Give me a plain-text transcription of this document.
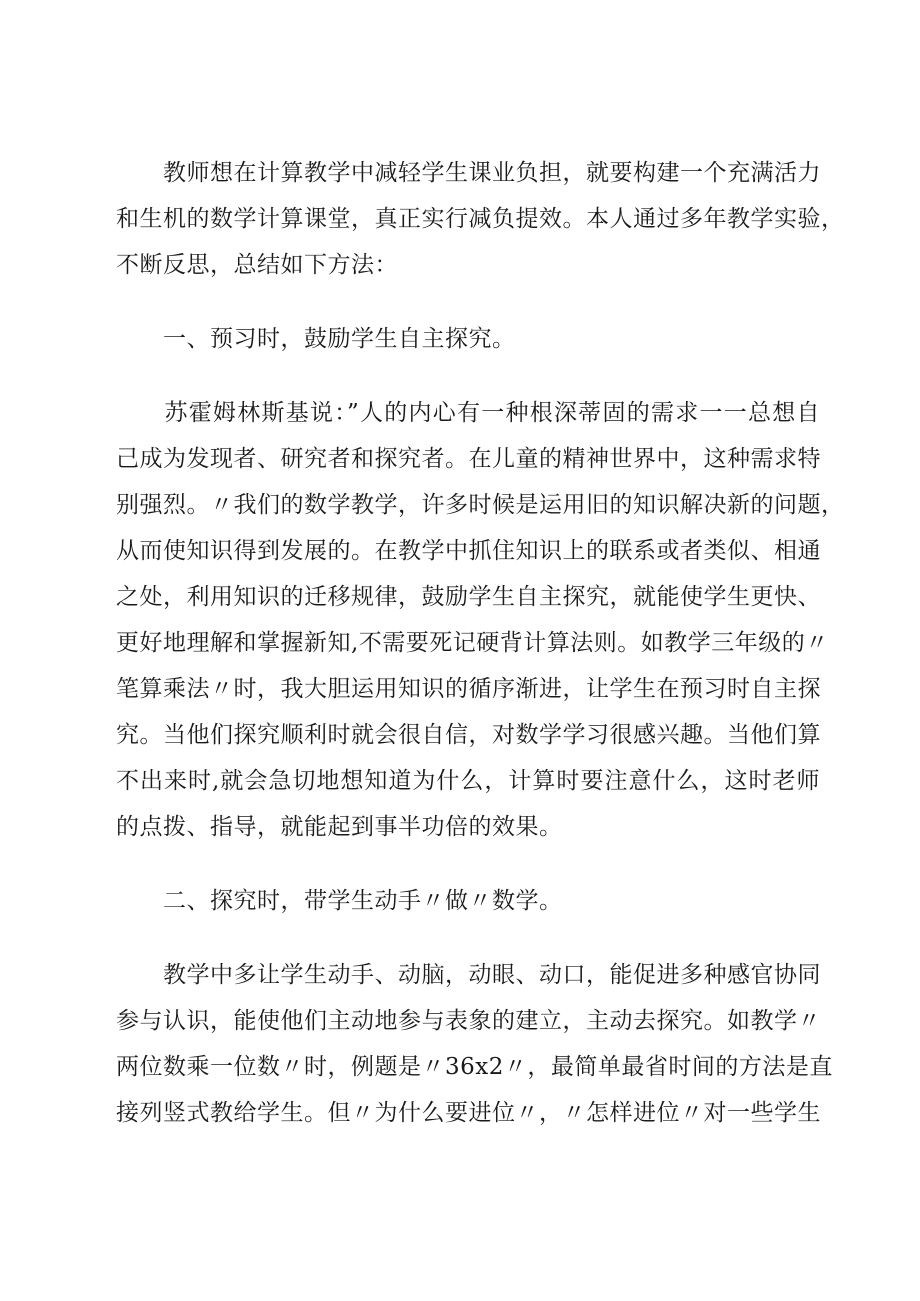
　　教师想在计算教学中减轻学生课业负担，就要构建一个充满活力
和生机的数学计算课堂，真正实行减负提效。本人通过多年教学实验，
不断反思，总结如下方法：
　　一、预习时，鼓励学生自主探究。
　　苏霍姆林斯基说：”人的内心有一种根深蒂固的需求一一总想自
己成为发现者、研究者和探究者。在儿童的精神世界中，这种需求特
别强烈。〃我们的数学教学，许多时候是运用旧的知识解决新的问题，
从而使知识得到发展的。在教学中抓住知识上的联系或者类似、相通
之处，利用知识的迁移规律，鼓励学生自主探究，就能使学生更快、
更好地理解和掌握新知,不需要死记硬背计算法则。如教学三年级的〃
笔算乘法〃时，我大胆运用知识的循序渐进，让学生在预习时自主探
究。当他们探究顺利时就会很自信，对数学学习很感兴趣。当他们算
不出来时,就会急切地想知道为什么，计算时要注意什么，这时老师
的点拨、指导，就能起到事半功倍的效果。
　　二、探究时，带学生动手〃做〃数学。
　　教学中多让学生动手、动脑，动眼、动口，能促进多种感官协同
参与认识，能使他们主动地参与表象的建立，主动去探究。如教学〃
两位数乘一位数〃时，例题是〃36x2〃，最简单最省时间的方法是直
接列竖式教给学生。但〃为什么要进位〃，〃怎样进位〃对一些学生
